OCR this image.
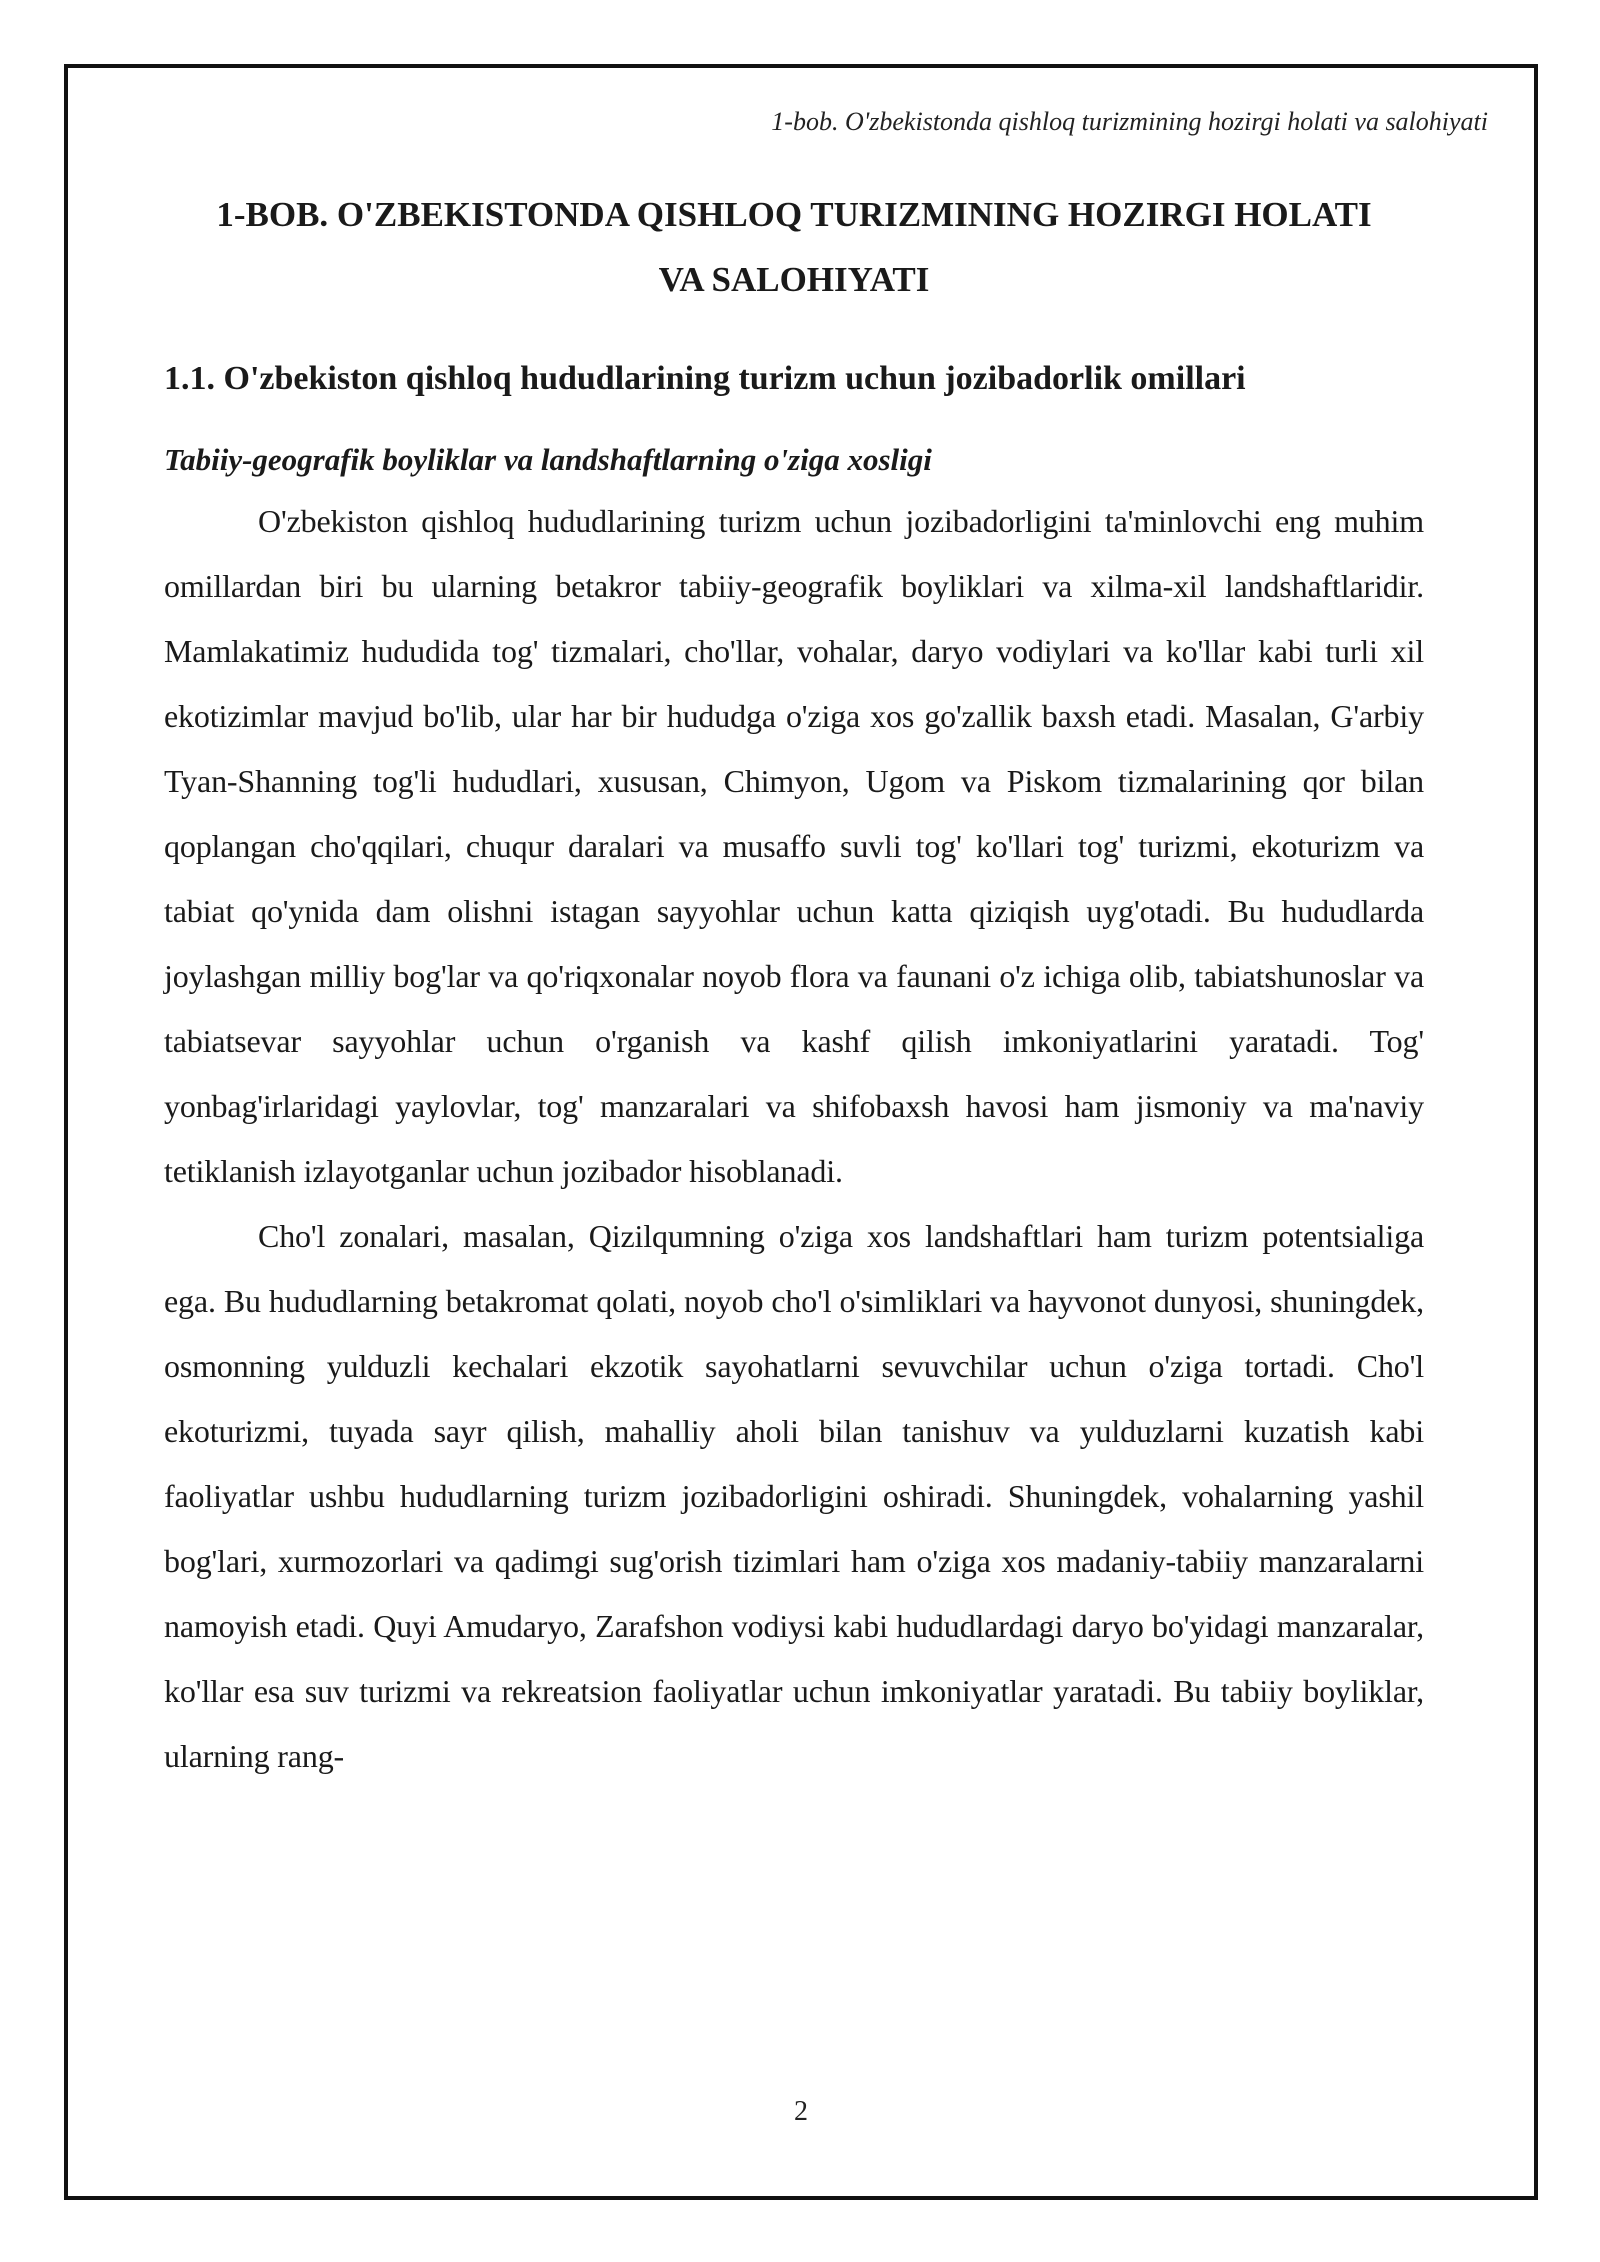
1-bob. O'zbekistonda qishloq turizmining hozirgi holati va salohiyati
2
1-BOB. O'ZBEKISTONDA QISHLOQ TURIZMINING HOZIRGI HOLATI
VA SALOHIYATI
1.1. O'zbekiston qishloq hududlarining turizm uchun jozibadorlik omillari
Tabiiy-geografik boyliklar va landshaftlarning o'ziga xosligi

O'zbekiston qishloq hududlarining turizm uchun jozibadorligini ta'minlovchi eng muhim omillardan biri bu ularning betakror tabiiy-geografik boyliklari va xilma-xil landshaftlaridir. Mamlakatimiz hududida tog' tizmalari, cho'llar, vohalar, daryo vodiylari va ko'llar kabi turli xil ekotizimlar mavjud bo'lib, ular har bir hududga o'ziga xos go'zallik baxsh etadi. Masalan, G'arbiy Tyan-Shanning tog'li hududlari, xususan, Chimyon, Ugom va Piskom tizmalarining qor bilan qoplangan cho'qqilari, chuqur daralari va musaffo suvli tog' ko'llari tog' turizmi, ekoturizm va tabiat qo'ynida dam olishni istagan sayyohlar uchun katta qiziqish uyg'otadi. Bu hududlarda joylashgan milliy bog'lar va qo'riqxonalar noyob flora va faunani o'z ichiga olib, tabiatshunoslar va tabiatsevar sayyohlar uchun o'rganish va kashf qilish imkoniyatlarini yaratadi. Tog' yonbag'irlaridagi yaylovlar, tog' manzaralari va shifobaxsh havosi ham jismoniy va ma'naviy tetiklanish izlayotganlar uchun jozibador hisoblanadi.

Cho'l zonalari, masalan, Qizilqumning o'ziga xos landshaftlari ham turizm potentsialiga ega. Bu hududlarning betakromat qolati, noyob cho'l o'simliklari va hayvonot dunyosi, shuningdek, osmonning yulduzli kechalari ekzotik sayohatlarni sevuvchilar uchun o'ziga tortadi. Cho'l ekoturizmi, tuyada sayr qilish, mahalliy aholi bilan tanishuv va yulduzlarni kuzatish kabi faoliyatlar ushbu hududlarning turizm jozibadorligini oshiradi. Shuningdek, vohalarning yashil bog'lari, xurmozorlari va qadimgi sug'orish tizimlari ham o'ziga xos madaniy-tabiiy manzaralarni namoyish etadi. Quyi Amudaryo, Zarafshon vodiysi kabi hududlardagi daryo bo'yidagi manzaralar, ko'llar esa suv turizmi va rekreatsion faoliyatlar uchun imkoniyatlar yaratadi. Bu tabiiy boyliklar, ularning rang-
